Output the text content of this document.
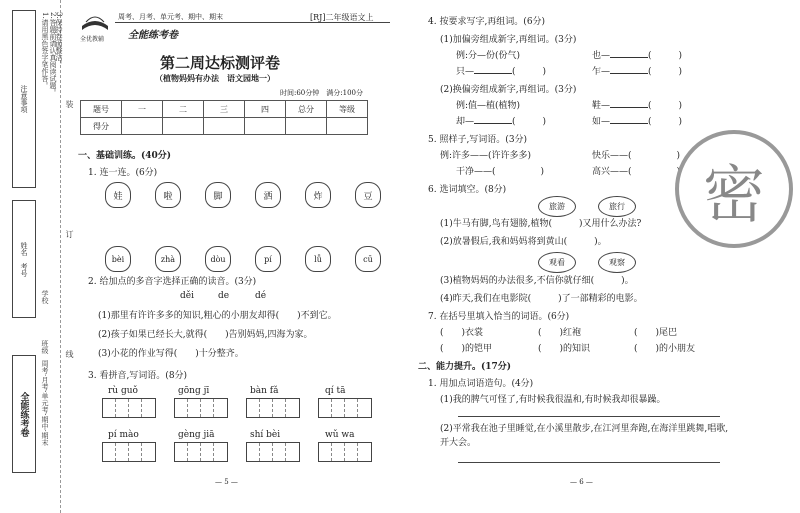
注意事项
1.请用黑色签字笔作答。 2.答题前请认真阅读试题。
3.保持卷面整洁。
姓名

考号
学校
班级
装
订
线
全能练考卷 周考·月考·单元考·期中·期末
全优教辅
周考、月考、单元考、期中、期末
全能练考卷
[RJ]二年级语文上
第二周达标测评卷
（植物妈妈有办法　语文园地一）
时间:60分钟　满分:100分
题号	一	二	三	四	总分	等级
得分						
一、基础训练。(40分)
1. 连一连。(6分)
娃	啦	脚	洒	炸	豆
bèi	zhà	dòu	pí	lǚ	cū
2. 给加点的多音字选择正确的读音。(3分)
děi	de	dé
(1)那里有许许多多的知识,粗心的小朋友却得(　　)不到它。
(2)孩子如果已经长大,就得(　　)告别妈妈,四海为家。
(3)小花的作业写得(　　)十分整齐。
3. 看拼音,写词语。(8分)
rù guǒ	gōng jī	bàn fǎ	qí tā
pí mào	gèng jiā	shí bèi	wǔ wa
— 5 —
4. 按要求写字,再组词。(6分)
(1)加偏旁组成新字,再组词。(3分)
例:分—份(份气)	也—	(　　　)
只—	(　　　)	乍—	(　　　)
(2)换偏旁组成新字,再组词。(3分)
例:值—植(植物)	鞋—	(　　　)
却—	(　　　)	如—	(　　　)
5. 照样子,写词语。(3分)
例:许多——(许许多多)	快乐——(　　　　　)
干净——(　　　　　)	高兴——(　　　　　)
6. 选词填空。(8分)
旅游	旅行
(1)牛马有脚,鸟有翅膀,植物(　　　)又用什么办法?
(2)放暑假后,我和妈妈将到黄山(　　　)。
观看	观察
(3)植物妈妈的办法很多,不信你就仔细(　　　)。
(4)昨天,我们在电影院(　　　)了一部精彩的电影。
7. 在括号里填入恰当的词语。(6分)
(　　)衣裳	(　　)红袍	(　　)尾巴
(　　)的铠甲	(　　)的知识	(　　)的小朋友
二、能力提升。(17分)
1. 用加点词语造句。(4分)
(1)我的脾气可怪了,有时候我很温和,有时候我却很暴躁。
(2)平常我在池子里睡觉,在小溪里散步,在江河里奔跑,在海洋里跳舞,唱歌,开大会。
— 6 —
密
